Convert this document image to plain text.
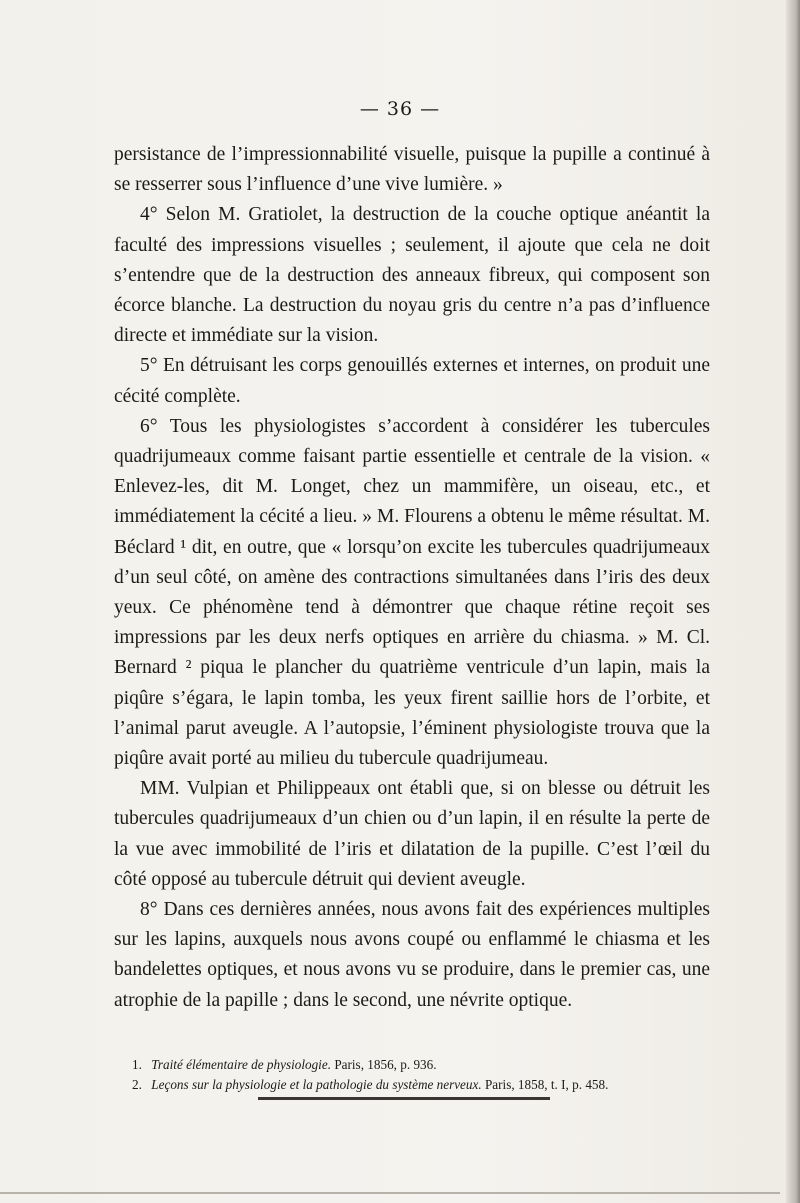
— 36 —

persistance de l’impressionnabilité visuelle, puisque la pupille a continué à se resserrer sous l’influence d’une vive lumière. »

4° Selon M. Gratiolet, la destruction de la couche optique anéantit la faculté des impressions visuelles ; seulement, il ajoute que cela ne doit s’entendre que de la destruction des anneaux fibreux, qui composent son écorce blanche. La destruction du noyau gris du centre n’a pas d’influence directe et immédiate sur la vision.

5° En détruisant les corps genouillés externes et internes, on produit une cécité complète.

6° Tous les physiologistes s’accordent à considérer les tubercules quadrijumeaux comme faisant partie essentielle et centrale de la vision. « Enlevez-les, dit M. Longet, chez un mammifère, un oiseau, etc., et immédiatement la cécité a lieu. » M. Flourens a obtenu le même résultat. M. Béclard ¹ dit, en outre, que « lorsqu’on excite les tubercules quadrijumeaux d’un seul côté, on amène des contractions simultanées dans l’iris des deux yeux. Ce phénomène tend à démontrer que chaque rétine reçoit ses impressions par les deux nerfs optiques en arrière du chiasma. » M. Cl. Bernard ² piqua le plancher du quatrième ventricule d’un lapin, mais la piqûre s’égara, le lapin tomba, les yeux firent saillie hors de l’orbite, et l’animal parut aveugle. A l’autopsie, l’éminent physiologiste trouva que la piqûre avait porté au milieu du tubercule quadrijumeau.

MM. Vulpian et Philippeaux ont établi que, si on blesse ou détruit les tubercules quadrijumeaux d’un chien ou d’un lapin, il en résulte la perte de la vue avec immobilité de l’iris et dilatation de la pupille. C’est l’œil du côté opposé au tubercule détruit qui devient aveugle.

8° Dans ces dernières années, nous avons fait des expériences multiples sur les lapins, auxquels nous avons coupé ou enflammé le chiasma et les bandelettes optiques, et nous avons vu se produire, dans le premier cas, une atrophie de la papille ; dans le second, une névrite optique.

1. Traité élémentaire de physiologie. Paris, 1856, p. 936.
2. Leçons sur la physiologie et la pathologie du système nerveux. Paris, 1858, t. I, p. 458.
